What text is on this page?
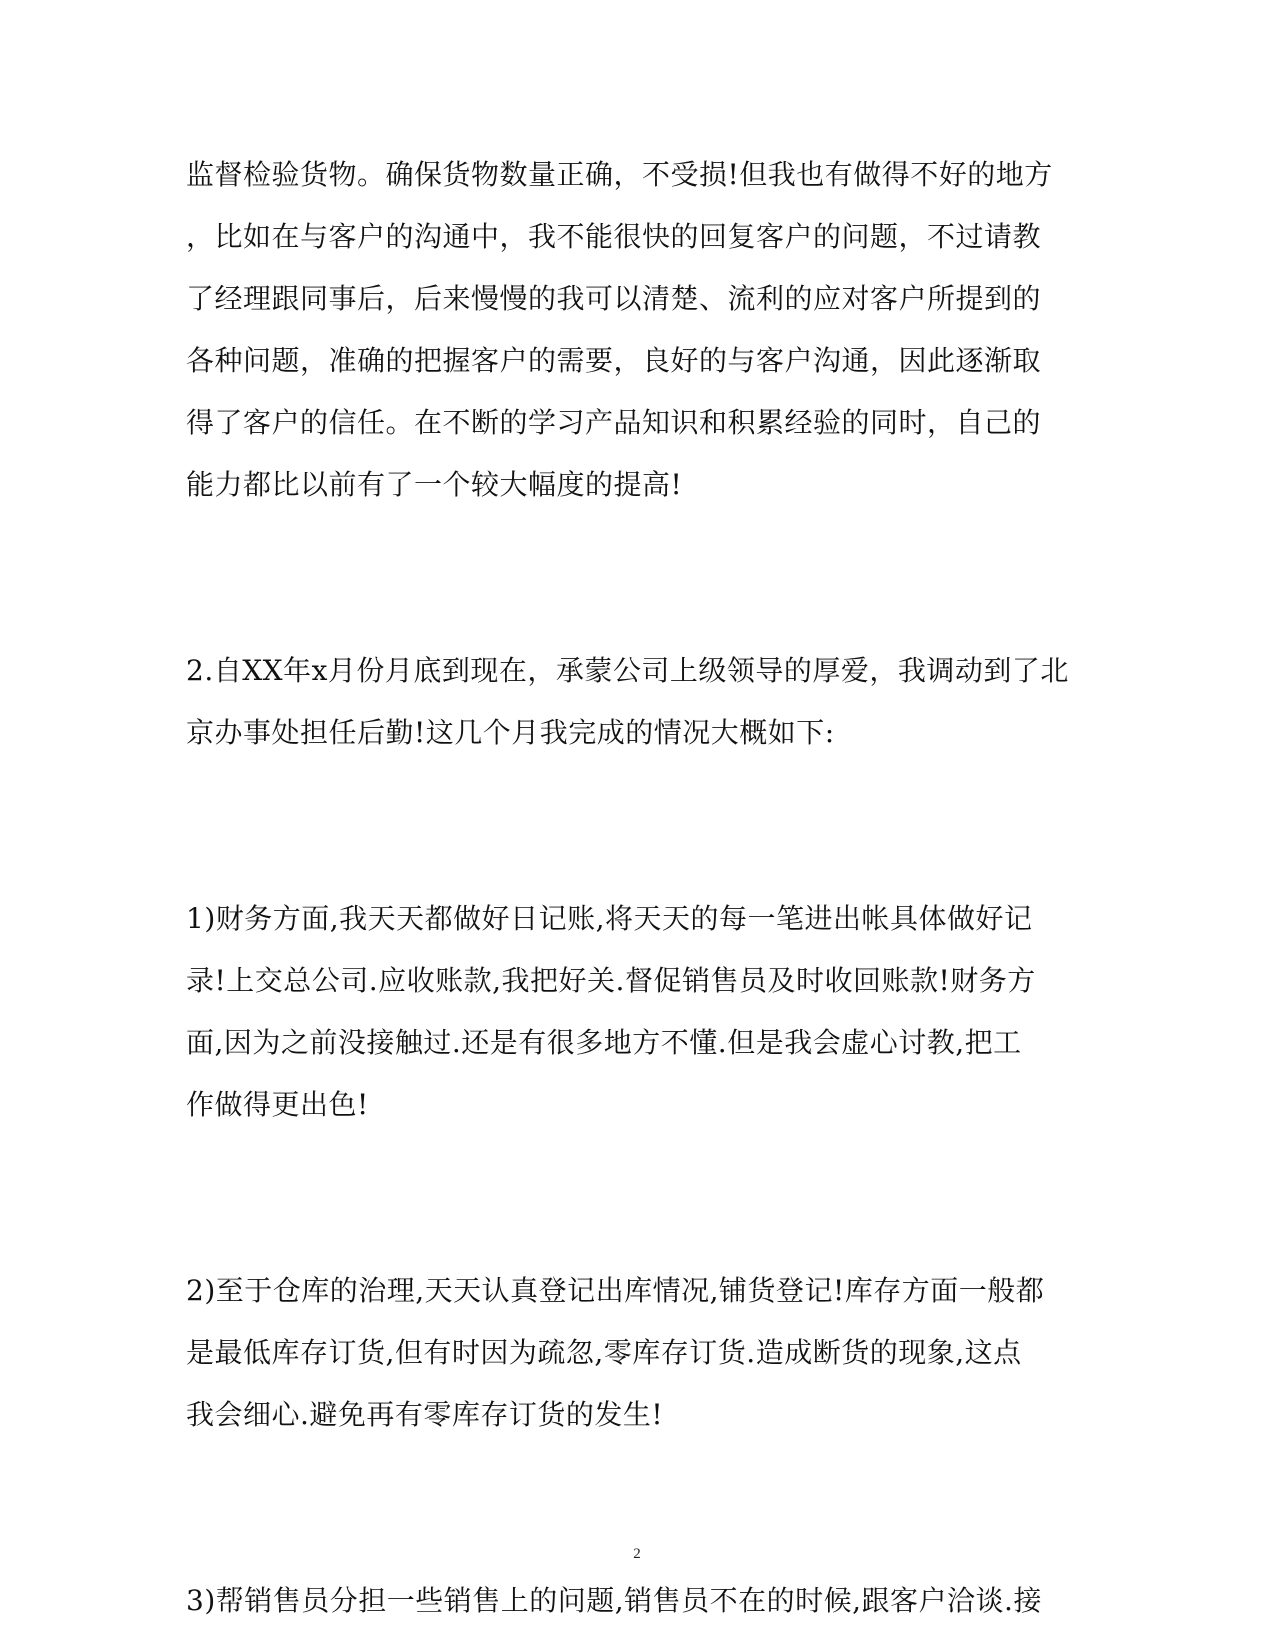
监督检验货物。确保货物数量正确，不受损!但我也有做得不好的地方
，比如在与客户的沟通中，我不能很快的回复客户的问题，不过请教
了经理跟同事后，后来慢慢的我可以清楚、流利的应对客户所提到的
各种问题，准确的把握客户的需要，良好的与客户沟通，因此逐渐取
得了客户的信任。在不断的学习产品知识和积累经验的同时，自己的
能力都比以前有了一个较大幅度的提高!
2.自XX年x月份月底到现在，承蒙公司上级领导的厚爱，我调动到了北
京办事处担任后勤!这几个月我完成的情况大概如下:
1)财务方面,我天天都做好日记账,将天天的每一笔进出帐具体做好记
录!上交总公司.应收账款,我把好关.督促销售员及时收回账款!财务方
面,因为之前没接触过.还是有很多地方不懂.但是我会虚心讨教,把工
作做得更出色!
2)至于仓库的治理,天天认真登记出库情况,铺货登记!库存方面一般都
是最低库存订货,但有时因为疏忽,零库存订货.造成断货的现象,这点
我会细心.避免再有零库存订货的发生!
3)帮销售员分担一些销售上的问题,销售员不在的时候,跟客户洽谈.接
2
